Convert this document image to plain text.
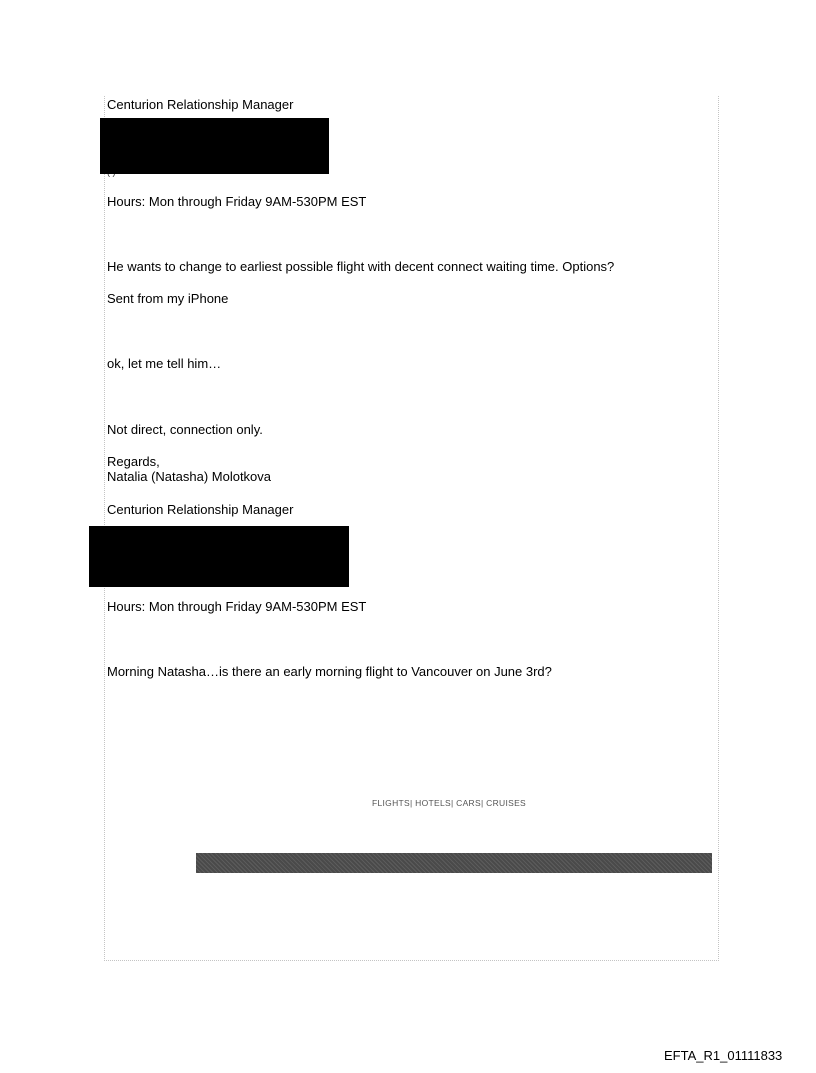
Centurion Relationship Manager
Hours: Mon through Friday 9AM-530PM EST
He wants to change to earliest possible flight with decent connect waiting time. Options?
Sent from my iPhone
ok, let me tell him…
Not direct, connection only.
Regards,
Natalia (Natasha) Molotkova
Centurion Relationship Manager
Hours: Mon through Friday 9AM-530PM EST
Morning Natasha…is there an early morning flight to Vancouver on June 3rd?
FLIGHTS| HOTELS| CARS| CRUISES
EFTA_R1_01111833
